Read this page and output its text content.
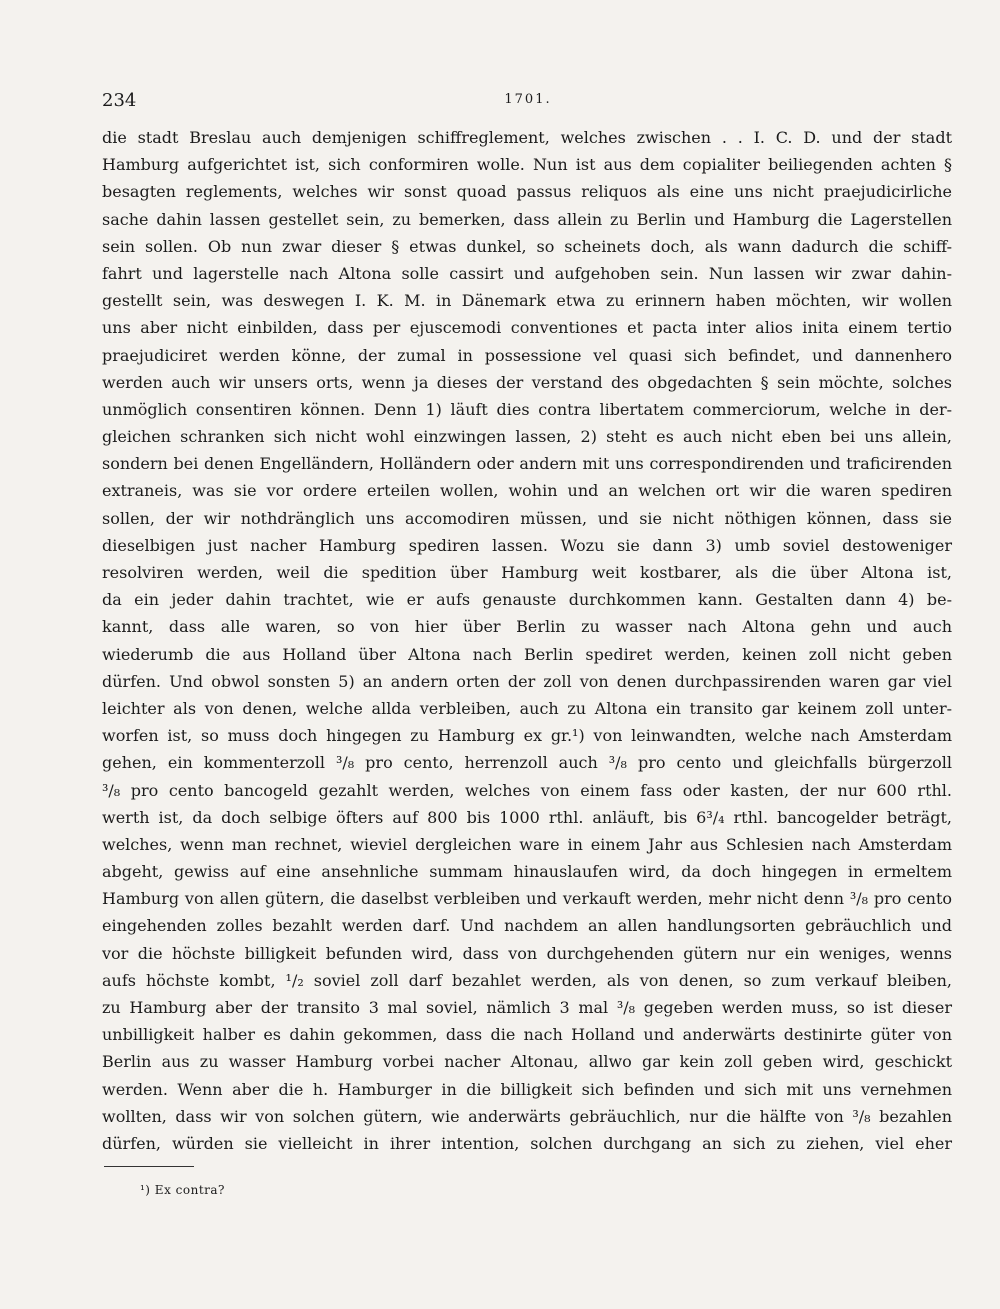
234	1701.
die stadt Breslau auch demjenigen schiffreglement, welches zwischen . . I. C. D. und der stadt
Hamburg aufgerichtet ist, sich conformiren wolle. Nun ist aus dem copialiter beiliegenden achten §
besagten reglements, welches wir sonst quoad passus reliquos als eine uns nicht praejudicirliche
sache dahin lassen gestellet sein, zu bemerken, dass allein zu Berlin und Hamburg die Lagerstellen
sein sollen. Ob nun zwar dieser § etwas dunkel, so scheinets doch, als wann dadurch die schiff-
fahrt und lagerstelle nach Altona solle cassirt und aufgehoben sein. Nun lassen wir zwar dahin-
gestellt sein, was deswegen I. K. M. in Dänemark etwa zu erinnern haben möchten, wir wollen
uns aber nicht einbilden, dass per ejuscemodi conventiones et pacta inter alios inita einem tertio
praejudiciret werden könne, der zumal in possessione vel quasi sich befindet, und dannenhero
werden auch wir unsers orts, wenn ja dieses der verstand des obgedachten § sein möchte, solches
unmöglich consentiren können. Denn 1) läuft dies contra libertatem commerciorum, welche in der-
gleichen schranken sich nicht wohl einzwingen lassen, 2) steht es auch nicht eben bei uns allein,
sondern bei denen Engelländern, Holländern oder andern mit uns correspondirenden und traficirenden
extraneis, was sie vor ordere erteilen wollen, wohin und an welchen ort wir die waren spediren
sollen, der wir nothdränglich uns accomodiren müssen, und sie nicht nöthigen können, dass sie
dieselbigen just nacher Hamburg spediren lassen. Wozu sie dann 3) umb soviel destoweniger
resolviren werden, weil die spedition über Hamburg weit kostbarer, als die über Altona ist,
da ein jeder dahin trachtet, wie er aufs genauste durchkommen kann. Gestalten dann 4) be-
kannt, dass alle waren, so von hier über Berlin zu wasser nach Altona gehn und auch
wiederumb die aus Holland über Altona nach Berlin spediret werden, keinen zoll nicht geben
dürfen. Und obwol sonsten 5) an andern orten der zoll von denen durchpassirenden waren gar viel
leichter als von denen, welche allda verbleiben, auch zu Altona ein transito gar keinem zoll unter-
worfen ist, so muss doch hingegen zu Hamburg ex gr.¹) von leinwandten, welche nach Amsterdam
gehen, ein kommenterzoll ³/₈ pro cento, herrenzoll auch ³/₈ pro cento und gleichfalls bürgerzoll
³/₈ pro cento bancogeld gezahlt werden, welches von einem fass oder kasten, der nur 600 rthl.
werth ist, da doch selbige öfters auf 800 bis 1000 rthl. anläuft, bis 6³/₄ rthl. bancogelder beträgt,
welches, wenn man rechnet, wieviel dergleichen ware in einem Jahr aus Schlesien nach Amsterdam
abgeht, gewiss auf eine ansehnliche summam hinauslaufen wird, da doch hingegen in ermeltem
Hamburg von allen gütern, die daselbst verbleiben und verkauft werden, mehr nicht denn ³/₈ pro cento
eingehenden zolles bezahlt werden darf. Und nachdem an allen handlungsorten gebräuchlich und
vor die höchste billigkeit befunden wird, dass von durchgehenden gütern nur ein weniges, wenns
aufs höchste kombt, ¹/₂ soviel zoll darf bezahlet werden, als von denen, so zum verkauf bleiben,
zu Hamburg aber der transito 3 mal soviel, nämlich 3 mal ³/₈ gegeben werden muss, so ist dieser
unbilligkeit halber es dahin gekommen, dass die nach Holland und anderwärts destinirte güter von
Berlin aus zu wasser Hamburg vorbei nacher Altonau, allwo gar kein zoll geben wird, geschickt
werden. Wenn aber die h. Hamburger in die billigkeit sich befinden und sich mit uns vernehmen
wollten, dass wir von solchen gütern, wie anderwärts gebräuchlich, nur die hälfte von ³/₈ bezahlen
dürfen, würden sie vielleicht in ihrer intention, solchen durchgang an sich zu ziehen, viel eher
¹) Ex contra?
